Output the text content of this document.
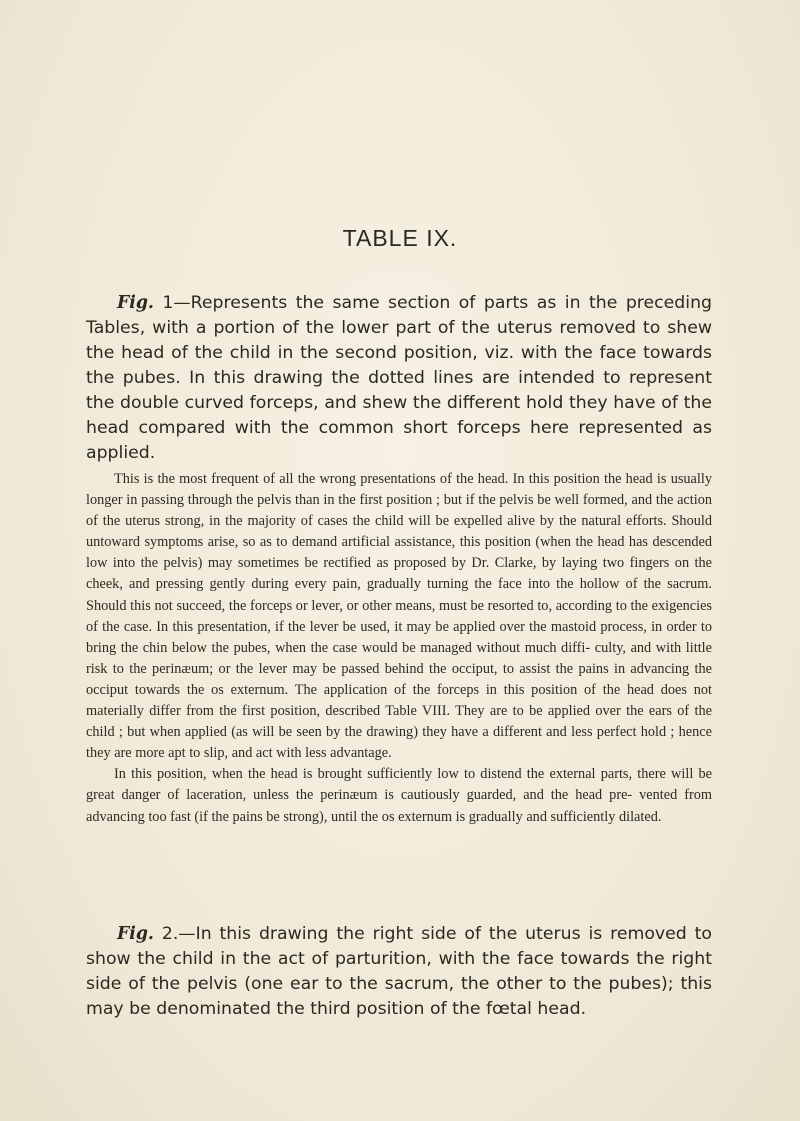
TABLE IX.
Fig. 1—Represents the same section of parts as in the preceding Tables, with a portion of the lower part of the uterus removed to shew the head of the child in the second position, viz. with the face towards the pubes. In this drawing the dotted lines are intended to represent the double curved forceps, and shew the different hold they have of the head compared with the common short forceps here represented as applied.

This is the most frequent of all the wrong presentations of the head. In this position the head is usually longer in passing through the pelvis than in the first position ; but if the pelvis be well formed, and the action of the uterus strong, in the majority of cases the child will be expelled alive by the natural efforts. Should untoward symptoms arise, so as to demand artificial assistance, this position (when the head has descended low into the pelvis) may sometimes be rectified as proposed by Dr. Clarke, by laying two fingers on the cheek, and pressing gently during every pain, gradually turning the face into the hollow of the sacrum. Should this not succeed, the forceps or lever, or other means, must be resorted to, according to the exigencies of the case. In this presentation, if the lever be used, it may be applied over the mastoid process, in order to bring the chin below the pubes, when the case would be managed without much diffi- culty, and with little risk to the perinæum; or the lever may be passed behind the occiput, to assist the pains in advancing the occiput towards the os externum. The application of the forceps in this position of the head does not materially differ from the first position, described Table VIII. They are to be applied over the ears of the child ; but when applied (as will be seen by the drawing) they have a different and less perfect hold ; hence they are more apt to slip, and act with less advantage.

In this position, when the head is brought sufficiently low to distend the external parts, there will be great danger of laceration, unless the perinæum is cautiously guarded, and the head pre- vented from advancing too fast (if the pains be strong), until the os externum is gradually and sufficiently dilated.

Fig. 2.—In this drawing the right side of the uterus is removed to show the child in the act of parturition, with the face towards the right side of the pelvis (one ear to the sacrum, the other to the pubes); this may be denominated the third position of the fœtal head.
